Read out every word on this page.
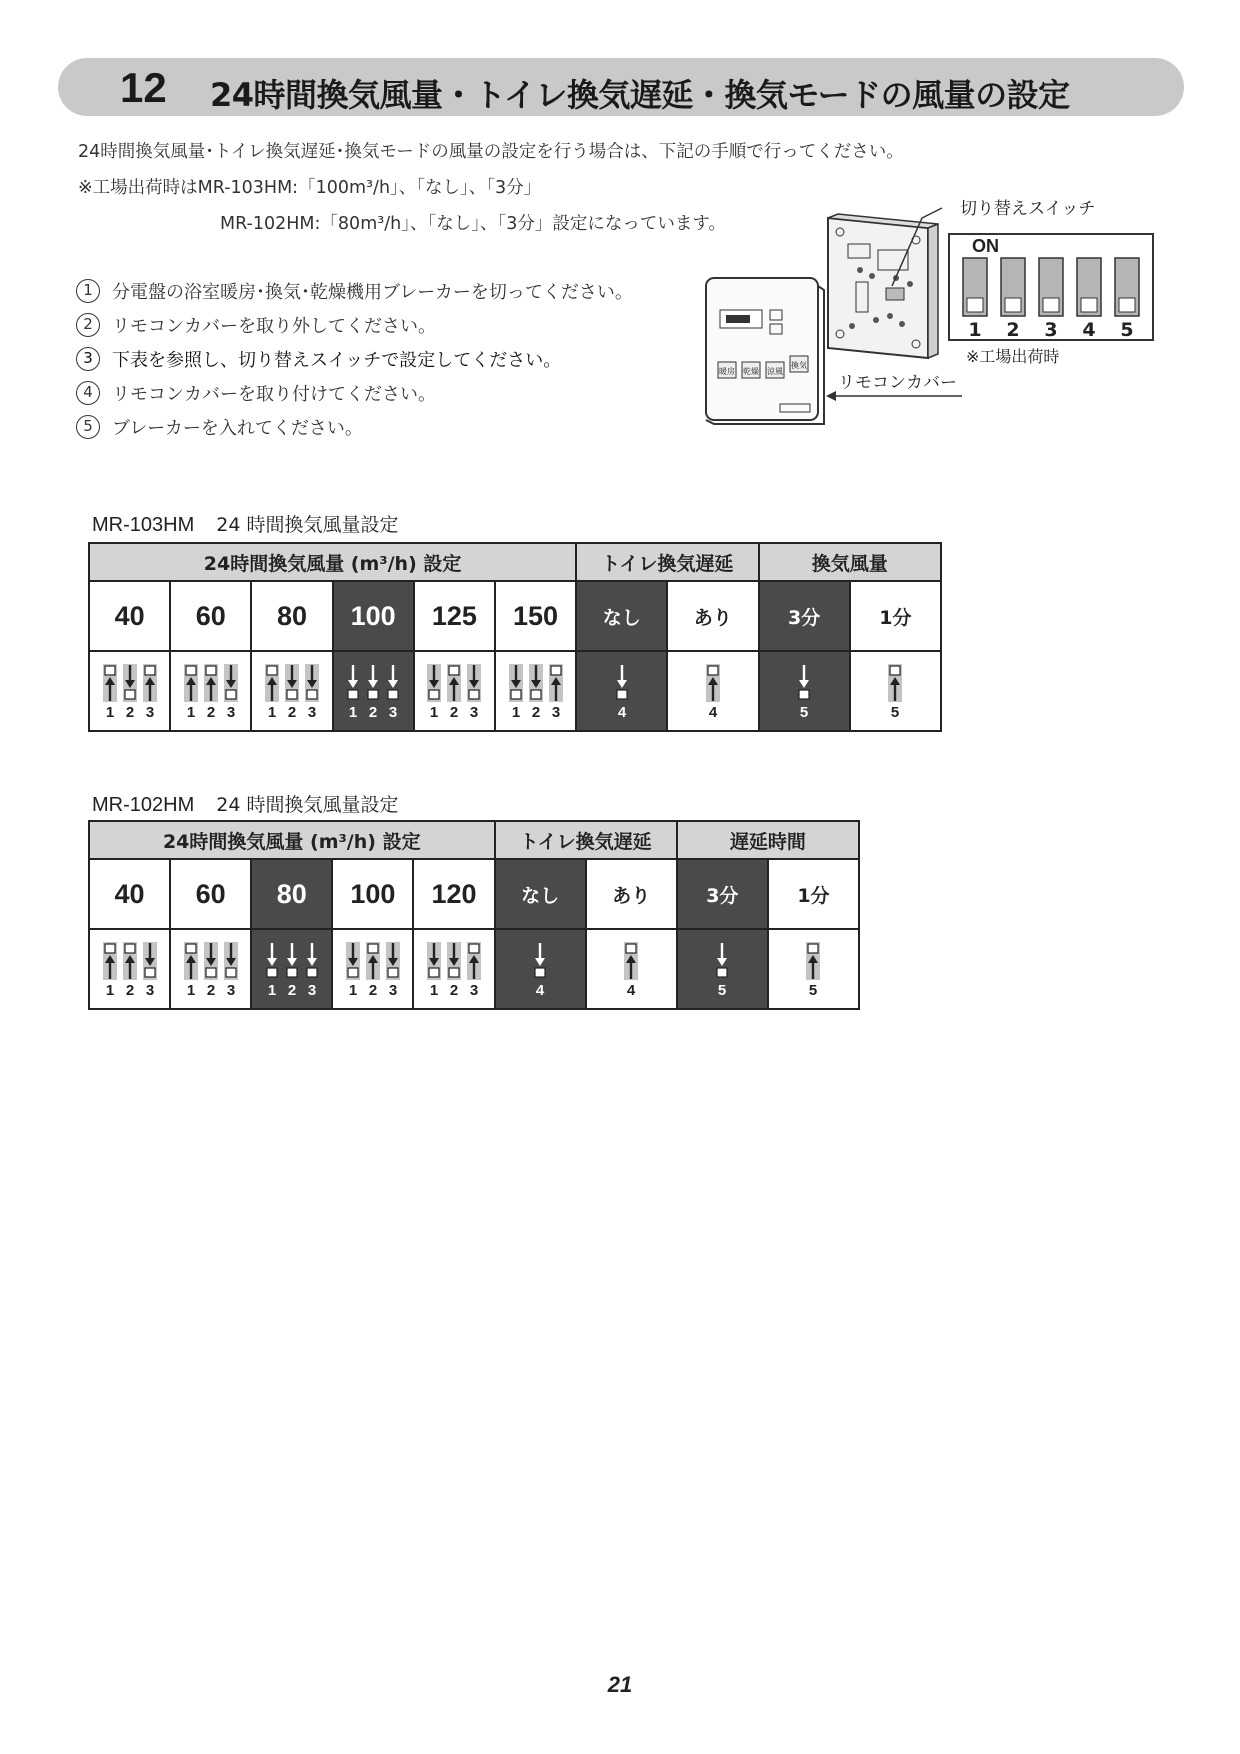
12 24時間換気風量・トイレ換気遅延・換気モードの風量の設定
24時間換気風量･トイレ換気遅延･換気モードの風量の設定を行う場合は、下記の手順で行ってください。
※工場出荷時はMR-103HM:「100m³/h」、「なし」、「3分」
MR-102HM:「80m³/h」、「なし」、「3分」設定になっています。
1	分電盤の浴室暖房･換気･乾燥機用ブレーカーを切ってください。
2	リモコンカバーを取り外してください。
3	下表を参照し、切り替えスイッチで設定してください。
4	リモコンカバーを取り付けてください。
5	ブレーカーを入れてください。
暖房 乾燥 涼風
換気
切り替えスイッチ
ON
1 2 3 4 5
※工場出荷時
リモコンカバー
MR-103HM 24 時間換気風量設定
24時間換気風量 (m³/h) 設定						トイレ換気遅延		換気風量	
40	60	80	100	125	150	なし	あり	3分	1分

1 2 3	1 2 3	1 2 3	1 2 3	1 2 3	1 2 3	4	4	5	5
MR-102HM 24 時間換気風量設定
24時間換気風量 (m³/h) 設定					トイレ換気遅延		遅延時間	
40	60	80	100	120	なし	あり	3分	1分

1 2 3	1 2 3	1 2 3	1 2 3	1 2 3	4	4	5	5
21
